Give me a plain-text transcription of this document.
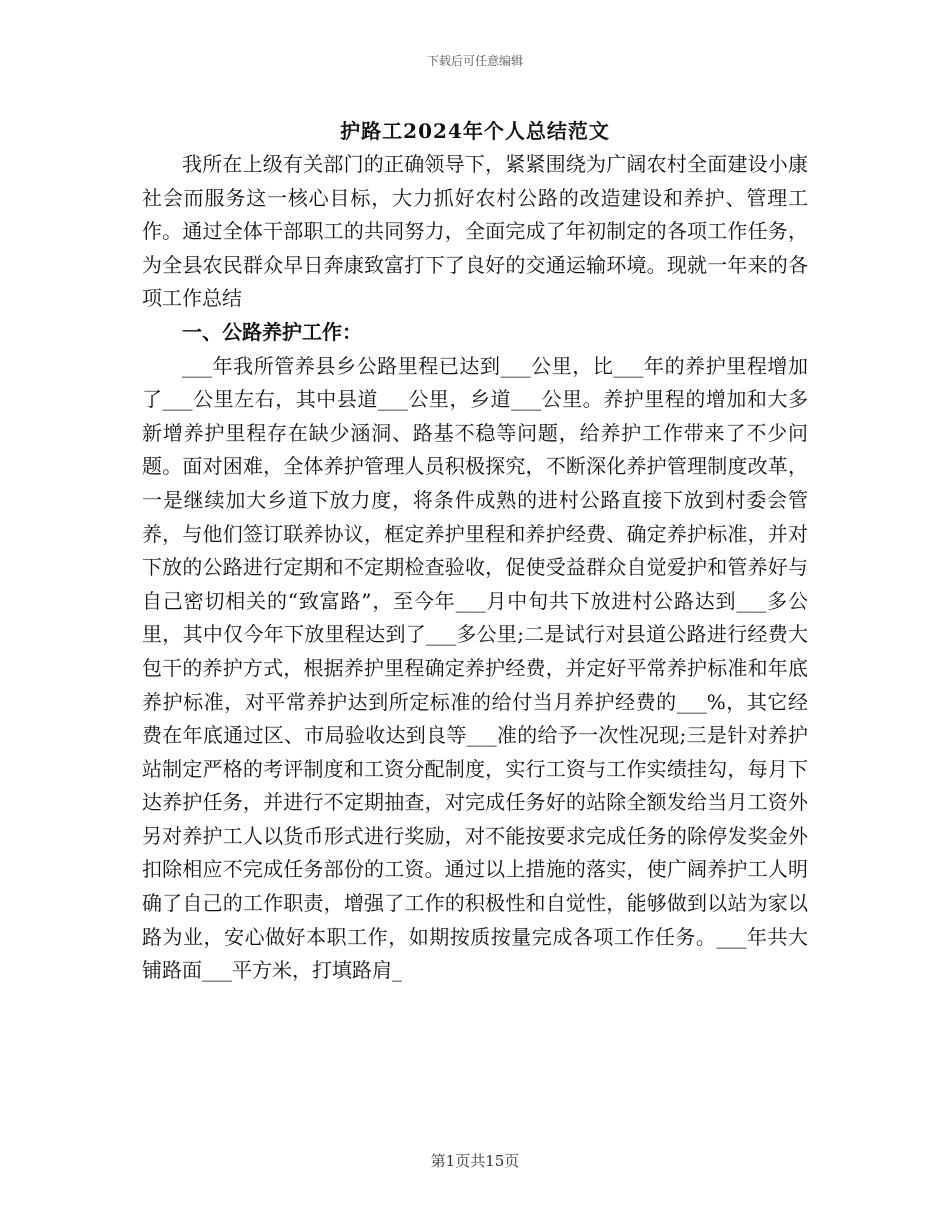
下载后可任意编辑
护路工2024年个人总结范文

我所在上级有关部门的正确领导下，紧紧围绕为广阔农村全面建设小康社会而服务这一核心目标，大力抓好农村公路的改造建设和养护、管理工作。通过全体干部职工的共同努力，全面完成了年初制定的各项工作任务，为全县农民群众早日奔康致富打下了良好的交通运输环境。现就一年来的各项工作总结

一、公路养护工作：

___年我所管养县乡公路里程已达到___公里，比___年的养护里程增加了___公里左右，其中县道___公里，乡道___公里。养护里程的增加和大多新增养护里程存在缺少涵洞、路基不稳等问题，给养护工作带来了不少问题。面对困难，全体养护管理人员积极探究，不断深化养护管理制度改革，一是继续加大乡道下放力度，将条件成熟的进村公路直接下放到村委会管养，与他们签订联养协议，框定养护里程和养护经费、确定养护标准，并对下放的公路进行定期和不定期检查验收，促使受益群众自觉爱护和管养好与自己密切相关的“致富路”，至今年___月中旬共下放进村公路达到___多公里，其中仅今年下放里程达到了___多公里;二是试行对县道公路进行经费大包干的养护方式，根据养护里程确定养护经费，并定好平常养护标准和年底养护标准，对平常养护达到所定标准的给付当月养护经费的___%，其它经费在年底通过区、市局验收达到良等___准的给予一次性况现;三是针对养护站制定严格的考评制度和工资分配制度，实行工资与工作实绩挂勾，每月下达养护任务，并进行不定期抽查，对完成任务好的站除全额发给当月工资外另对养护工人以货币形式进行奖励，对不能按要求完成任务的除停发奖金外扣除相应不完成任务部份的工资。通过以上措施的落实，使广阔养护工人明确了自己的工作职责，增强了工作的积极性和自觉性，能够做到以站为家以路为业，安心做好本职工作，如期按质按量完成各项工作任务。___年共大铺路面___平方米，打填路肩_

第1页共15页
